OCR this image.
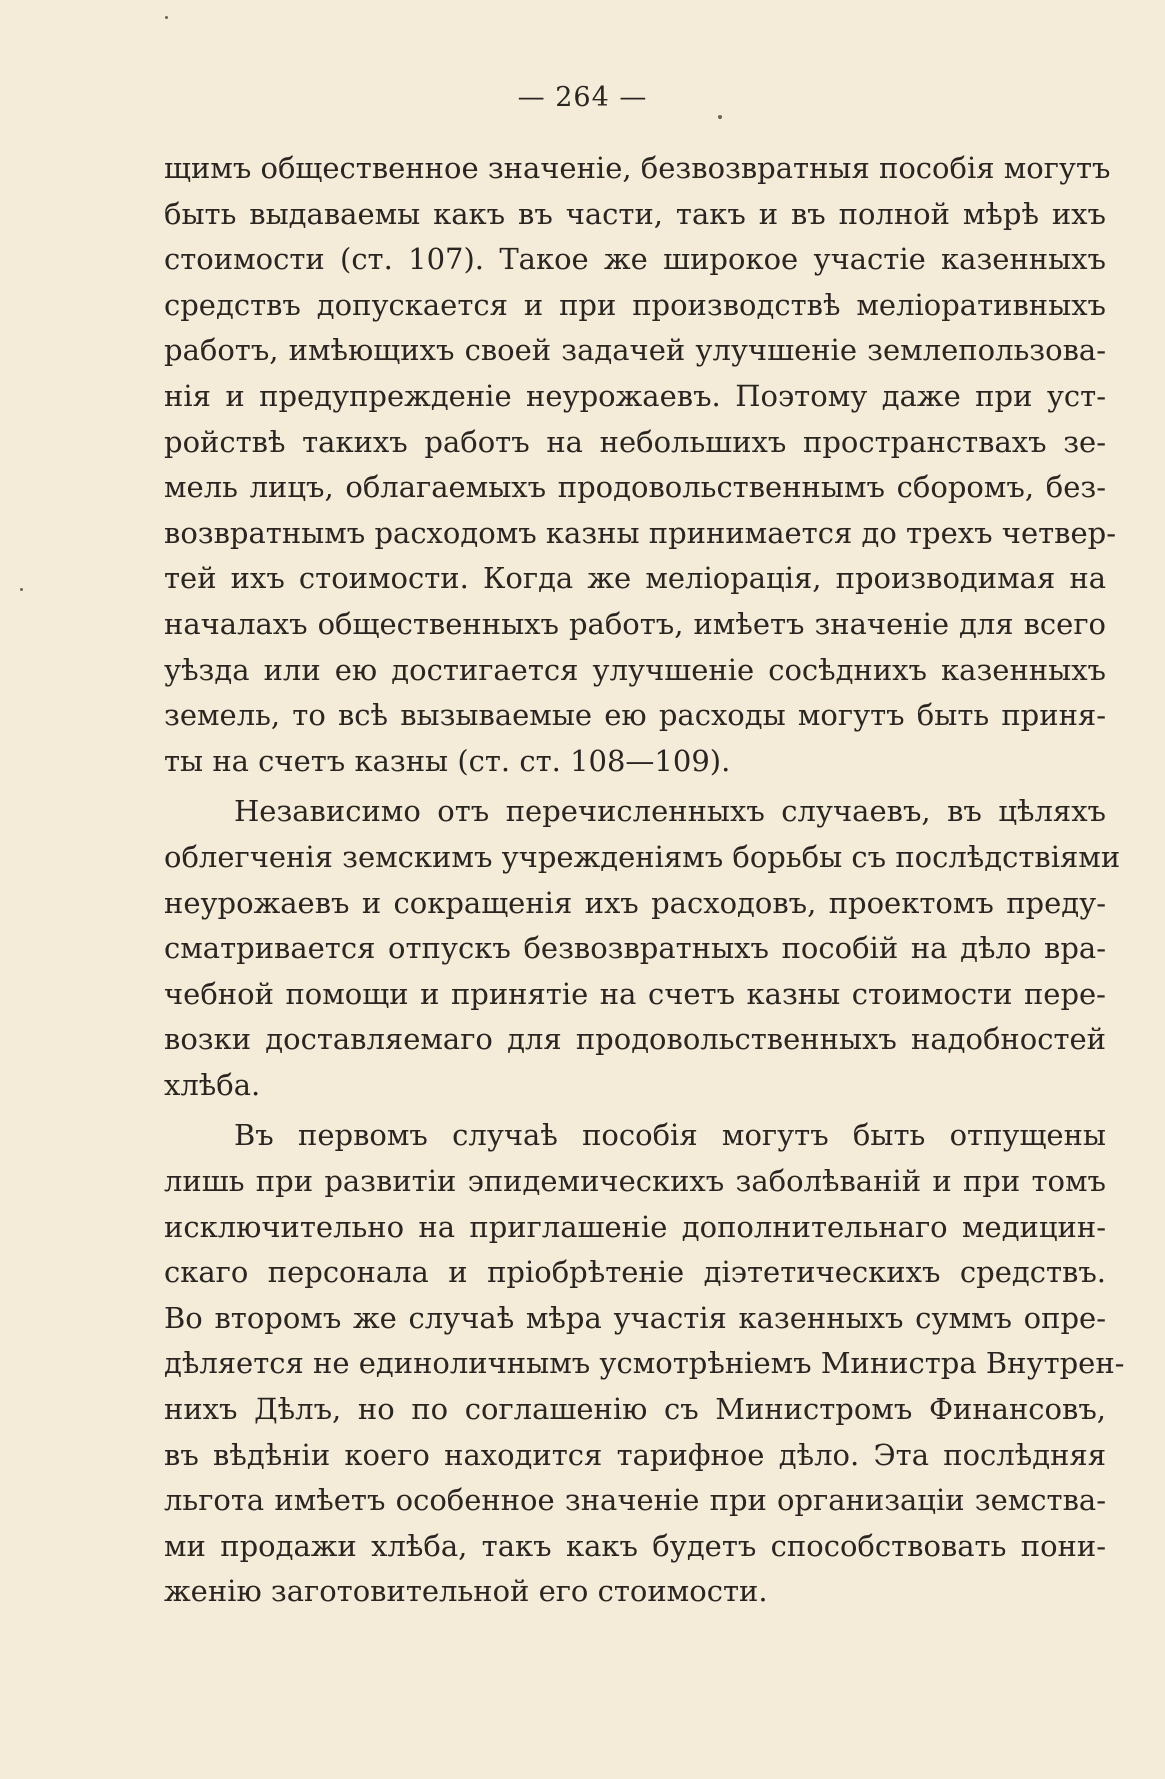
— 264 —
щимъ общественное значеніе, безвозвратныя пособія могутъ
быть выдаваемы какъ въ части, такъ и въ полной мѣрѣ ихъ
стоимости (ст. 107). Такое же широкое участіе казенныхъ
средствъ допускается и при производствѣ меліоративныхъ
работъ, имѣющихъ своей задачей улучшеніе землепользова-
нія и предупрежденіе неурожаевъ. Поэтому даже при уст-
ройствѣ такихъ работъ на небольшихъ пространствахъ зе-
мель лицъ, облагаемыхъ продовольственнымъ сборомъ, без-
возвратнымъ расходомъ казны принимается до трехъ четвер-
тей ихъ стоимости. Когда же меліорація, производимая на
началахъ общественныхъ работъ, имѣетъ значеніе для всего
уѣзда или ею достигается улучшеніе сосѣднихъ казенныхъ
земель, то всѣ вызываемые ею расходы могутъ быть приня-
ты на счетъ казны (ст. ст. 108—109).
Независимо отъ перечисленныхъ случаевъ, въ цѣляхъ
облегченія земскимъ учрежденіямъ борьбы съ послѣдствіями
неурожаевъ и сокращенія ихъ расходовъ, проектомъ преду-
сматривается отпускъ безвозвратныхъ пособій на дѣло вра-
чебной помощи и принятіе на счетъ казны стоимости пере-
возки доставляемаго для продовольственныхъ надобностей
хлѣба.
Въ первомъ случаѣ пособія могутъ быть отпущены
лишь при развитіи эпидемическихъ заболѣваній и при томъ
исключительно на приглашеніе дополнительнаго медицин-
скаго персонала и пріобрѣтеніе діэтетическихъ средствъ.
Во второмъ же случаѣ мѣра участія казенныхъ суммъ опре-
дѣляется не единоличнымъ усмотрѣніемъ Министра Внутрен-
нихъ Дѣлъ, но по соглашенію съ Министромъ Финансовъ,
въ вѣдѣніи коего находится тарифное дѣло. Эта послѣдняя
льгота имѣетъ особенное значеніе при организаціи земства-
ми продажи хлѣба, такъ какъ будетъ способствовать пони-
женію заготовительной его стоимости.
